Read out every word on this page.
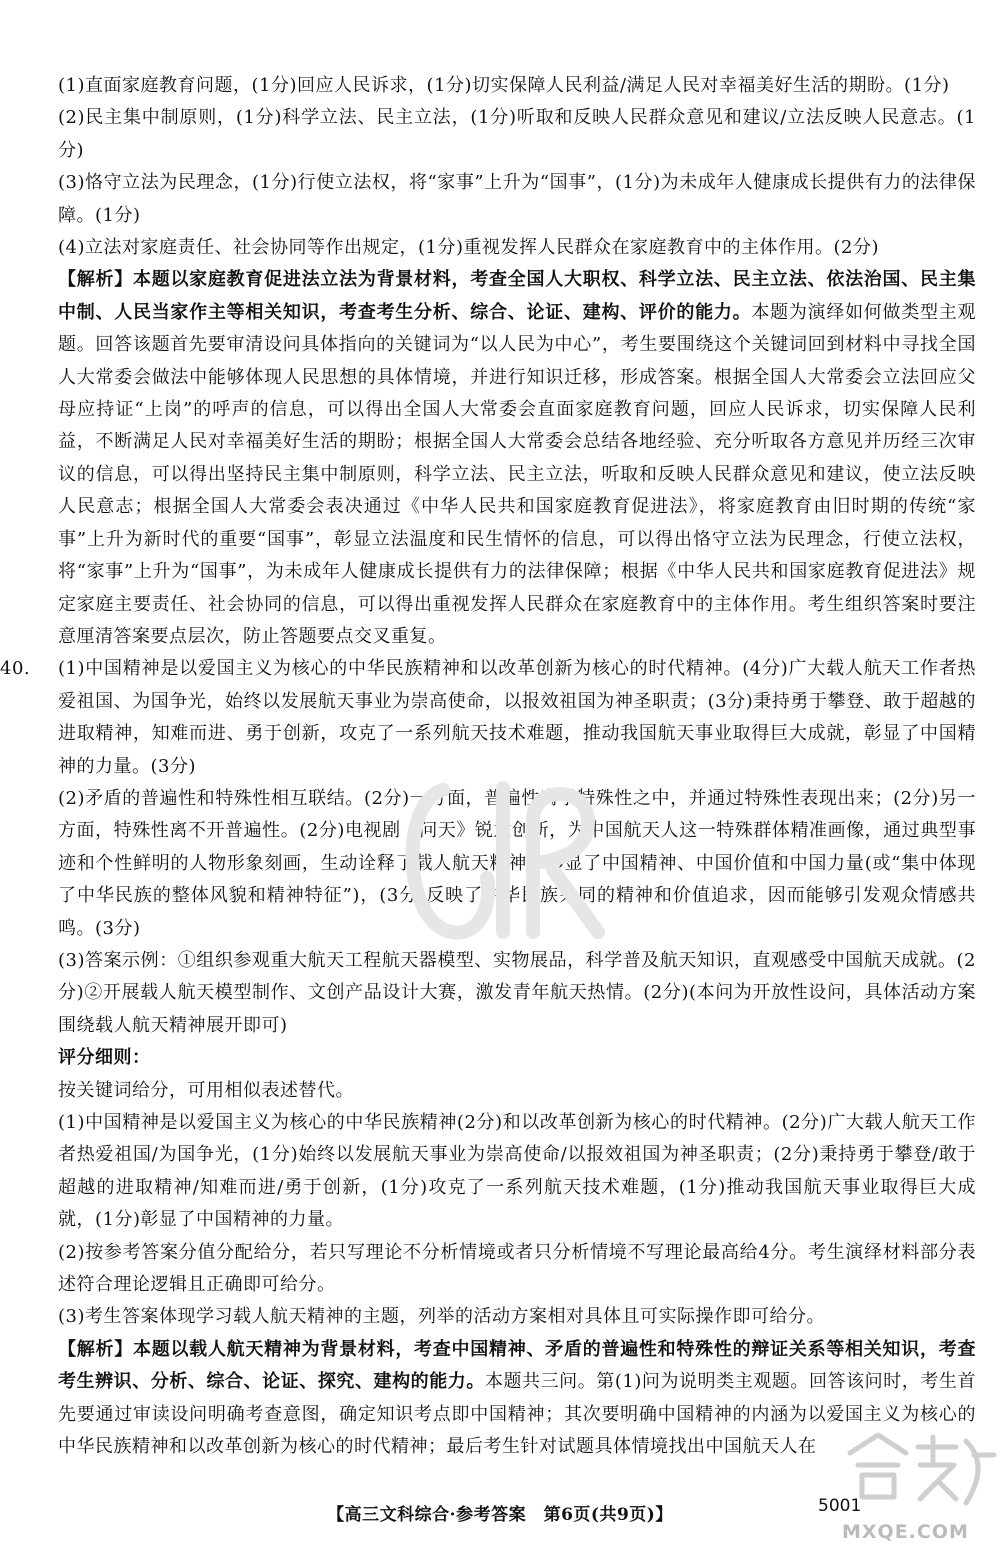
(1)直面家庭教育问题，(1分)回应人民诉求，(1分)切实保障人民利益/满足人民对幸福美好生活的期盼。(1分)

(2)民主集中制原则，(1分)科学立法、民主立法，(1分)听取和反映人民群众意见和建议/立法反映人民意志。(1分)

(3)恪守立法为民理念，(1分)行使立法权，将“家事”上升为“国事”，(1分)为未成年人健康成长提供有力的法律保障。(1分)

(4)立法对家庭责任、社会协同等作出规定，(1分)重视发挥人民群众在家庭教育中的主体作用。(2分)

【解析】本题以家庭教育促进法立法为背景材料，考查全国人大职权、科学立法、民主立法、依法治国、民主集中制、人民当家作主等相关知识，考查考生分析、综合、论证、建构、评价的能力。本题为演绎如何做类型主观题。回答该题首先要审清设问具体指向的关键词为“以人民为中心”，考生要围绕这个关键词回到材料中寻找全国人大常委会做法中能够体现人民思想的具体情境，并进行知识迁移，形成答案。根据全国人大常委会立法回应父母应持证“上岗”的呼声的信息，可以得出全国人大常委会直面家庭教育问题，回应人民诉求，切实保障人民利益，不断满足人民对幸福美好生活的期盼；根据全国人大常委会总结各地经验、充分听取各方意见并历经三次审议的信息，可以得出坚持民主集中制原则，科学立法、民主立法，听取和反映人民群众意见和建议，使立法反映人民意志；根据全国人大常委会表决通过《中华人民共和国家庭教育促进法》，将家庭教育由旧时期的传统“家事”上升为新时代的重要“国事”，彰显立法温度和民生情怀的信息，可以得出恪守立法为民理念，行使立法权，将“家事”上升为“国事”，为未成年人健康成长提供有力的法律保障；根据《中华人民共和国家庭教育促进法》规定家庭主要责任、社会协同的信息，可以得出重视发挥人民群众在家庭教育中的主体作用。考生组织答案时要注意厘清答案要点层次，防止答题要点交叉重复。

40. (1)中国精神是以爱国主义为核心的中华民族精神和以改革创新为核心的时代精神。(4分)广大载人航天工作者热爱祖国、为国争光，始终以发展航天事业为崇高使命，以报效祖国为神圣职责；(3分)秉持勇于攀登、敢于超越的进取精神，知难而进、勇于创新，攻克了一系列航天技术难题，推动我国航天事业取得巨大成就，彰显了中国精神的力量。(3分)

(2)矛盾的普遍性和特殊性相互联结。(2分)一方面，普遍性寓于特殊性之中，并通过特殊性表现出来；(2分)另一方面，特殊性离不开普遍性。(2分)电视剧《问天》锐意创新，为中国航天人这一特殊群体精准画像，通过典型事迹和个性鲜明的人物形象刻画，生动诠释了载人航天精神，彰显了中国精神、中国价值和中国力量(或“集中体现了中华民族的整体风貌和精神特征”)，(3分)反映了中华民族共同的精神和价值追求，因而能够引发观众情感共鸣。(3分)

(3)答案示例：①组织参观重大航天工程航天器模型、实物展品，科学普及航天知识，直观感受中国航天成就。(2分)②开展载人航天模型制作、文创产品设计大赛，激发青年航天热情。(2分)(本问为开放性设问，具体活动方案围绕载人航天精神展开即可)

评分细则：

按关键词给分，可用相似表述替代。

(1)中国精神是以爱国主义为核心的中华民族精神(2分)和以改革创新为核心的时代精神。(2分)广大载人航天工作者热爱祖国/为国争光，(1分)始终以发展航天事业为崇高使命/以报效祖国为神圣职责；(2分)秉持勇于攀登/敢于超越的进取精神/知难而进/勇于创新，(1分)攻克了一系列航天技术难题，(1分)推动我国航天事业取得巨大成就，(1分)彰显了中国精神的力量。

(2)按参考答案分值分配给分，若只写理论不分析情境或者只分析情境不写理论最高给4分。考生演绎材料部分表述符合理论逻辑且正确即可给分。

(3)考生答案体现学习载人航天精神的主题，列举的活动方案相对具体且可实际操作即可给分。

【解析】本题以载人航天精神为背景材料，考查中国精神、矛盾的普遍性和特殊性的辩证关系等相关知识，考查考生辨识、分析、综合、论证、探究、建构的能力。本题共三问。第(1)问为说明类主观题。回答该问时，考生首先要通过审读设问明确考查意图，确定知识考点即中国精神；其次要明确中国精神的内涵为以爱国主义为核心的中华民族精神和以改革创新为核心的时代精神；最后考生针对试题具体情境找出中国航天人在

【高三文科综合·参考答案　第6页(共9页)】	5001
MXQE.COM
